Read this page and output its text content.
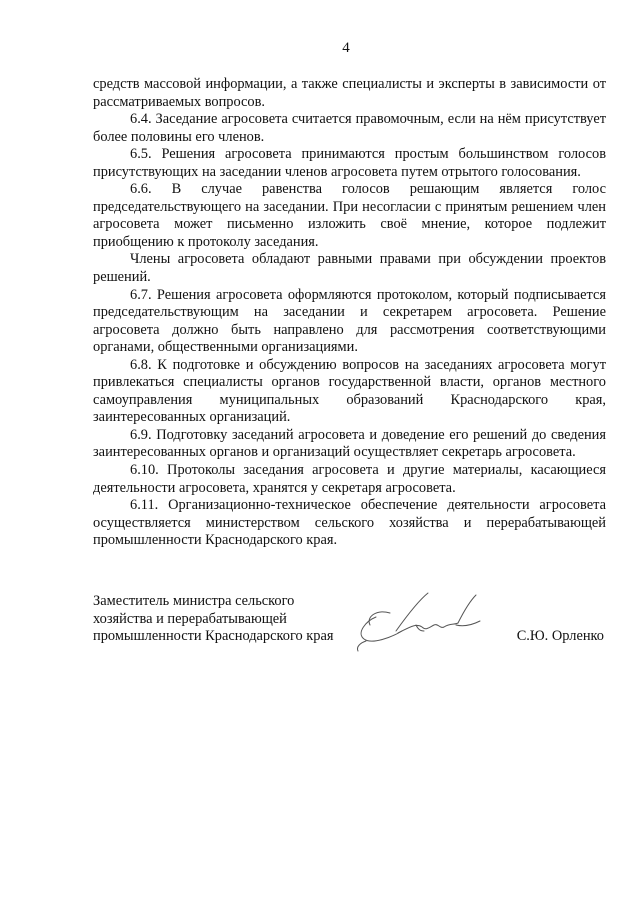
4

средств массовой информации, а также специалисты и эксперты в зависимости от рассматриваемых вопросов.

6.4. Заседание агросовета считается правомочным, если на нём присутствует более половины его членов.

6.5. Решения агросовета принимаются простым большинством голосов присутствующих на заседании членов агросовета путем отрытого голосования.

6.6. В случае равенства голосов решающим является голос председательствующего на заседании. При несогласии с принятым решением член агросовета может письменно изложить своё мнение, которое подлежит приобщению к протоколу заседания.

Члены агросовета обладают равными правами при обсуждении проектов решений.

6.7. Решения агросовета оформляются протоколом, который подписывается председательствующим на заседании и секретарем агросовета. Решение агросовета должно быть направлено для рассмотрения соответствующими органами, общественными организациями.

6.8. К подготовке и обсуждению вопросов на заседаниях агросовета могут привлекаться специалисты органов государственной власти, органов местного самоуправления муниципальных образований Краснодарского края, заинтересованных организаций.

6.9. Подготовку заседаний агросовета и доведение его решений до сведения заинтересованных органов и организаций осуществляет секретарь агросовета.

6.10. Протоколы заседания агросовета и другие материалы, касающиеся деятельности агросовета, хранятся у секретаря агросовета.

6.11. Организационно-техническое обеспечение деятельности агросовета осуществляется министерством сельского хозяйства и перерабатывающей промышленности Краснодарского края.

Заместитель министра сельского
хозяйства и перерабатывающей
промышленности Краснодарского края	С.Ю. Орленко
